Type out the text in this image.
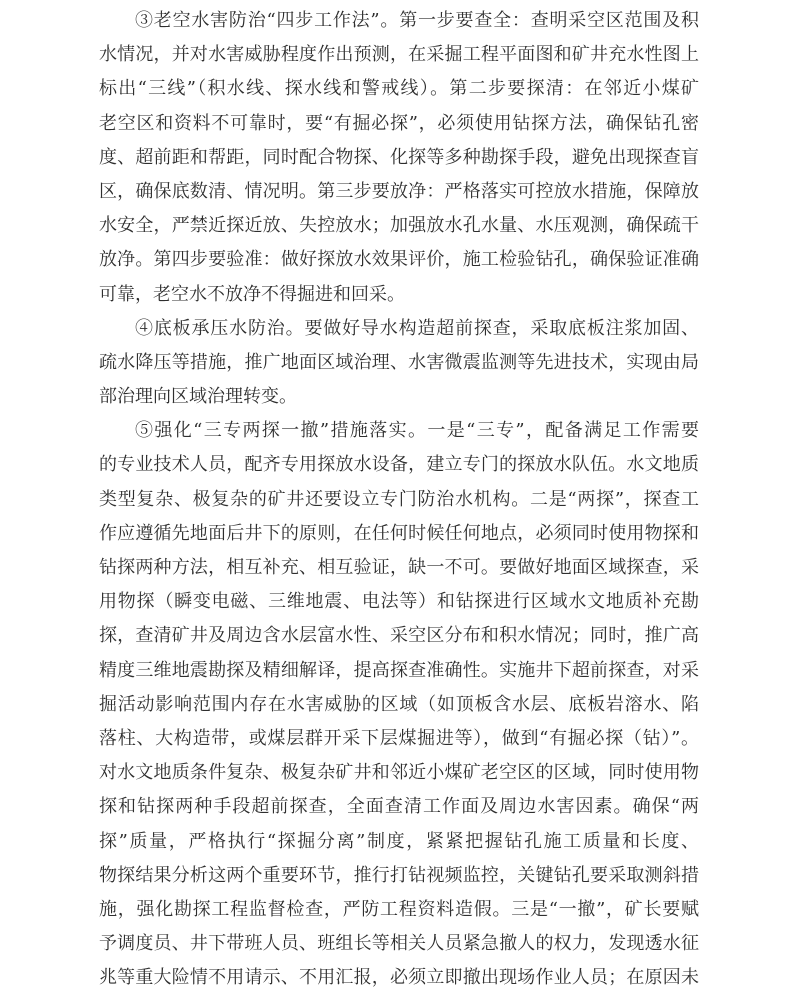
③老空水害防治“四步工作法”。第一步要查全：查明采空区范围及积
水情况，并对水害威胁程度作出预测，在采掘工程平面图和矿井充水性图上
标出“三线”（积水线、探水线和警戒线）。第二步要探清：在邻近小煤矿
老空区和资料不可靠时，要“有掘必探”，必须使用钻探方法，确保钻孔密
度、超前距和帮距，同时配合物探、化探等多种勘探手段，避免出现探查盲
区，确保底数清、情况明。第三步要放净：严格落实可控放水措施，保障放
水安全，严禁近探近放、失控放水；加强放水孔水量、水压观测，确保疏干
放净。第四步要验准：做好探放水效果评价，施工检验钻孔，确保验证准确
可靠，老空水不放净不得掘进和回采。
④底板承压水防治。要做好导水构造超前探查，采取底板注浆加固、
疏水降压等措施，推广地面区域治理、水害微震监测等先进技术，实现由局
部治理向区域治理转变。
⑤强化“三专两探一撤”措施落实。一是“三专”，配备满足工作需要
的专业技术人员，配齐专用探放水设备，建立专门的探放水队伍。水文地质
类型复杂、极复杂的矿井还要设立专门防治水机构。二是“两探”，探查工
作应遵循先地面后井下的原则，在任何时候任何地点，必须同时使用物探和
钻探两种方法，相互补充、相互验证，缺一不可。要做好地面区域探查，采
用物探（瞬变电磁、三维地震、电法等）和钻探进行区域水文地质补充勘
探，查清矿井及周边含水层富水性、采空区分布和积水情况；同时，推广高
精度三维地震勘探及精细解译，提高探查准确性。实施井下超前探查，对采
掘活动影响范围内存在水害威胁的区域（如顶板含水层、底板岩溶水、陷
落柱、大构造带，或煤层群开采下层煤掘进等），做到“有掘必探（钻）”。
对水文地质条件复杂、极复杂矿井和邻近小煤矿老空区的区域，同时使用物
探和钻探两种手段超前探查，全面查清工作面及周边水害因素。确保“两
探”质量，严格执行“探掘分离”制度，紧紧把握钻孔施工质量和长度、
物探结果分析这两个重要环节，推行打钻视频监控，关键钻孔要采取测斜措
施，强化勘探工程监督检查，严防工程资料造假。三是“一撤”，矿长要赋
予调度员、井下带班人员、班组长等相关人员紧急撤人的权力，发现透水征
兆等重大险情不用请示、不用汇报，必须立即撤出现场作业人员；在原因未
